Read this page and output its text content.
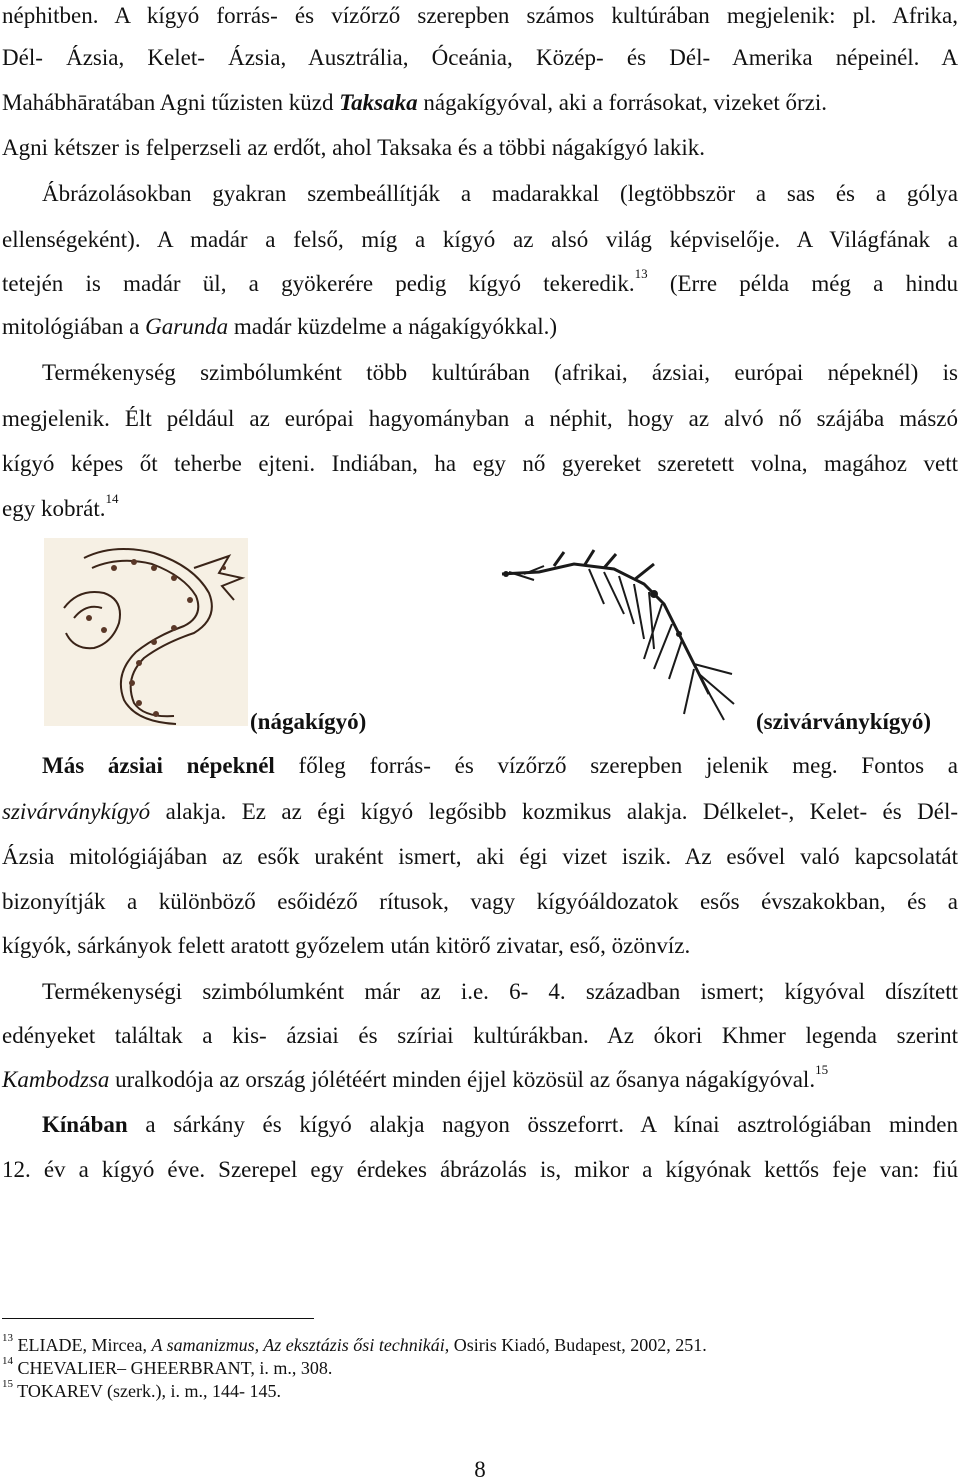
néphitben. A kígyó forrás- és vízőrző szerepben számos kultúrában megjelenik: pl. Afrika,
Dél- Ázsia, Kelet- Ázsia, Ausztrália, Óceánia, Közép- és Dél- Amerika népeinél. A
Mahábhāratában Agni tűzisten küzd Taksaka nágakígyóval, aki a forrásokat, vizeket őrzi.
Agni kétszer is felperzseli az erdőt, ahol Taksaka és a többi nágakígyó lakik.
Ábrázolásokban gyakran szembeállítják a madarakkal (legtöbbször a sas és a gólya
ellenségeként). A madár a felső, míg a kígyó az alsó világ képviselője. A Világfának a
tetején is madár ül, a gyökerére pedig kígyó tekeredik.$^{13}$ (Erre példa még a hindu
mitológiában a Garunda madár küzdelme a nágakígyókkal.)
Termékenység szimbólumként több kultúrában (afrikai, ázsiai, európai népeknél) is
megjelenik. Élt például az európai hagyományban a néphit, hogy az alvó nő szájába mászó
kígyó képes őt teherbe ejteni. Indiában, ha egy nő gyereket szeretett volna, magához vett
egy kobrát.$^{14}$
(nágakígyó)	(szivárványkígyó)
Más ázsiai népeknél főleg forrás- és vízőrző szerepben jelenik meg. Fontos a
szivárványkígyó alakja. Ez az égi kígyó legősibb kozmikus alakja. Délkelet-, Kelet- és Dél-
Ázsia mitológiájában az esők uraként ismert, aki égi vizet iszik. Az esővel való kapcsolatát
bizonyítják a különböző esőidéző rítusok, vagy kígyóáldozatok esős évszakokban, és a
kígyók, sárkányok felett aratott győzelem után kitörő zivatar, eső, özönvíz.
Termékenységi szimbólumként már az i.e. 6- 4. században ismert; kígyóval díszített
edényeket találtak a kis- ázsiai és szíriai kultúrákban. Az ókori Khmer legenda szerint
Kambodzsa uralkodója az ország jólétéért minden éjjel közösül az ősanya nágakígyóval.$^{15}$
Kínában a sárkány és kígyó alakja nagyon összeforrt. A kínai asztrológiában minden
12. év a kígyó éve. Szerepel egy érdekes ábrázolás is, mikor a kígyónak kettős feje van: fiú
$^{13}$ ELIADE, Mircea, A samanizmus, Az eksztázis ősi technikái, Osiris Kiadó, Budapest, 2002, 251.
$^{14}$ CHEVALIER– GHEERBRANT, i. m., 308.
$^{15}$ TOKAREV (szerk.), i. m., 144- 145.
8
